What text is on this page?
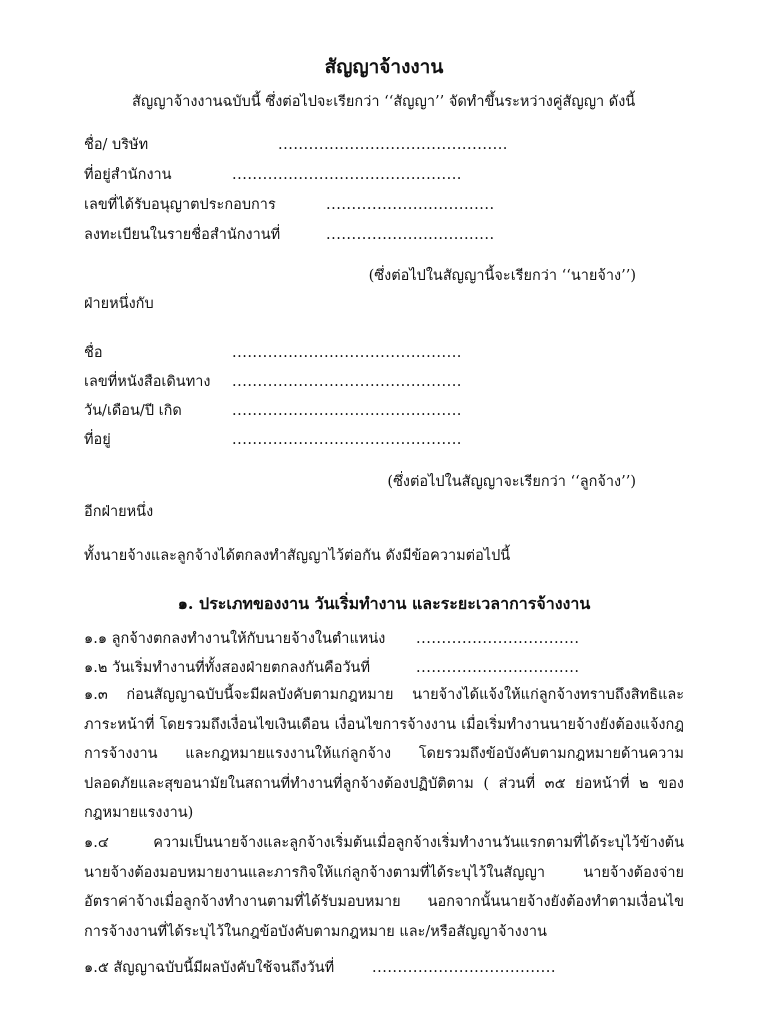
สัญญาจ้างงาน
สัญญาจ้างงานฉบับนี้ ซึ่งต่อไปจะเรียกว่า ‘‘สัญญา’’ จัดทำขึ้นระหว่างคู่สัญญา ดังนี้
ชื่อ/ บริษัท	.............................................
ที่อยู่สำนักงาน	.............................................
เลขที่ได้รับอนุญาตประกอบการ	.................................
ลงทะเบียนในรายชื่อสำนักงานที่	.................................
(ซึ่งต่อไปในสัญญานี้จะเรียกว่า ‘‘นายจ้าง’’)
ฝ่ายหนึ่งกับ
ชื่อ	.............................................
เลขที่หนังสือเดินทาง .............................................
วัน/เดือน/ปี เกิด	.............................................
ที่อยู่	.............................................
(ซึ่งต่อไปในสัญญาจะเรียกว่า ‘‘ลูกจ้าง’’)
อีกฝ่ายหนึ่ง
ทั้งนายจ้างและลูกจ้างได้ตกลงทำสัญญาไว้ต่อกัน ดังมีข้อความต่อไปนี้
๑. ประเภทของงาน วันเริ่มทำงาน และระยะเวลาการจ้างงาน
๑.๑ ลูกจ้างตกลงทำงานให้กับนายจ้างในตำแหน่ง ................................
๑.๒ วันเริ่มทำงานที่ทั้งสองฝ่ายตกลงกันคือวันที่	................................
๑.๓ ก่อนสัญญาฉบับนี้จะมีผลบังคับตามกฎหมาย นายจ้างได้แจ้งให้แก่ลูกจ้างทราบถึงสิทธิและภาระหน้าที่ โดยรวมถึงเงื่อนไขเงินเดือน เงื่อนไขการจ้างงาน เมื่อเริ่มทำงานนายจ้างยังต้องแจ้งกฎการจ้างงาน และกฎหมายแรงงานให้แก่ลูกจ้าง โดยรวมถึงข้อบังคับตามกฎหมายด้านความปลอดภัยและสุขอนามัยในสถานที่ทำงานที่ลูกจ้างต้องปฏิบัติตาม ( ส่วนที่ ๓๕ ย่อหน้าที่ ๒ ของกฎหมายแรงงาน)
๑.๔ ความเป็นนายจ้างและลูกจ้างเริ่มต้นเมื่อลูกจ้างเริ่มทำงานวันแรกตามที่ได้ระบุไว้ข้างต้น นายจ้างต้องมอบหมายงานและภารกิจให้แก่ลูกจ้างตามที่ได้ระบุไว้ในสัญญา นายจ้างต้องจ่ายอัตราค่าจ้างเมื่อลูกจ้างทำงานตามที่ได้รับมอบหมาย นอกจากนั้นนายจ้างยังต้องทำตามเงื่อนไขการจ้างงานที่ได้ระบุไว้ในกฎข้อบังคับตามกฎหมาย และ/หรือสัญญาจ้างงาน
๑.๕ สัญญาฉบับนี้มีผลบังคับใช้จนถึงวันที่	....................................
